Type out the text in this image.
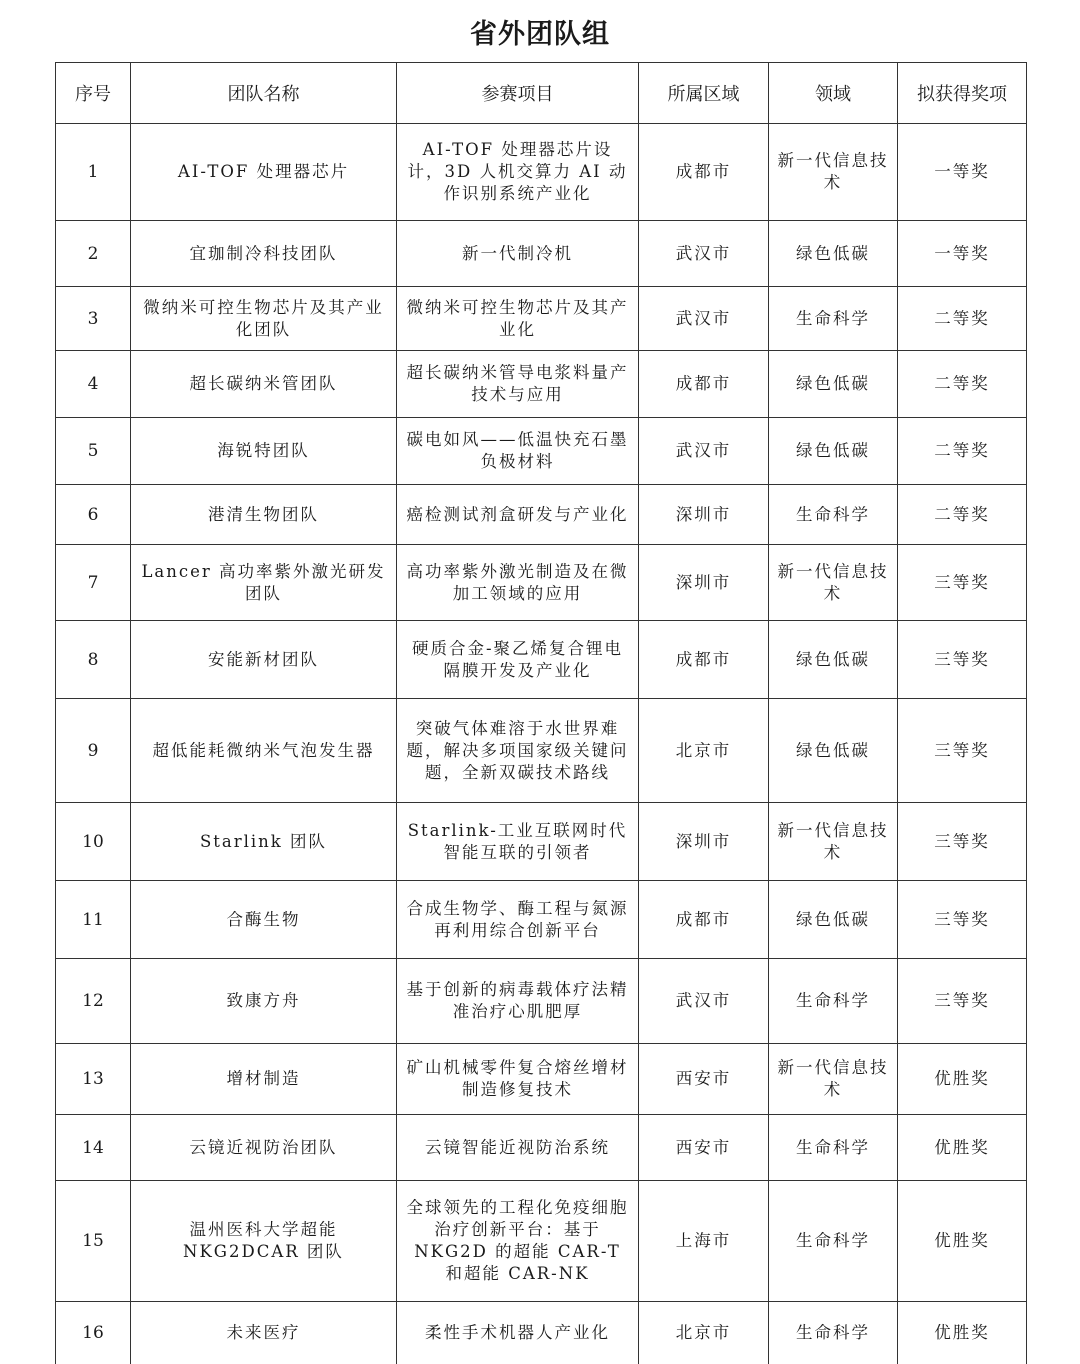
省外团队组
序号	团队名称	参赛项目	所属区域	领域	拟获得奖项
1	AI-TOF 处理器芯片	AI-TOF 处理器芯片设计，3D 人机交算力 AI 动作识别系统产业化	成都市	新一代信息技术	一等奖
2	宜珈制冷科技团队	新一代制冷机	武汉市	绿色低碳	一等奖
3	微纳米可控生物芯片及其产业化团队	微纳米可控生物芯片及其产业化	武汉市	生命科学	二等奖
4	超长碳纳米管团队	超长碳纳米管导电浆料量产技术与应用	成都市	绿色低碳	二等奖
5	海锐特团队	碳电如风——低温快充石墨负极材料	武汉市	绿色低碳	二等奖
6	港清生物团队	癌检测试剂盒研发与产业化	深圳市	生命科学	二等奖
7	Lancer 高功率紫外激光研发团队	高功率紫外激光制造及在微加工领域的应用	深圳市	新一代信息技术	三等奖
8	安能新材团队	硬质合金-聚乙烯复合锂电隔膜开发及产业化	成都市	绿色低碳	三等奖
9	超低能耗微纳米气泡发生器	突破气体难溶于水世界难题，解决多项国家级关键问题，全新双碳技术路线	北京市	绿色低碳	三等奖
10	Starlink 团队	Starlink-工业互联网时代智能互联的引领者	深圳市	新一代信息技术	三等奖
11	合酶生物	合成生物学、酶工程与氮源再利用综合创新平台	成都市	绿色低碳	三等奖
12	致康方舟	基于创新的病毒载体疗法精准治疗心肌肥厚	武汉市	生命科学	三等奖
13	增材制造	矿山机械零件复合熔丝增材制造修复技术	西安市	新一代信息技术	优胜奖
14	云镜近视防治团队	云镜智能近视防治系统	西安市	生命科学	优胜奖
15	温州医科大学超能 NKG2DCAR 团队	全球领先的工程化免疫细胞治疗创新平台：基于 NKG2D 的超能 CAR-T 和超能 CAR-NK	上海市	生命科学	优胜奖
16	未来医疗	柔性手术机器人产业化	北京市	生命科学	优胜奖
